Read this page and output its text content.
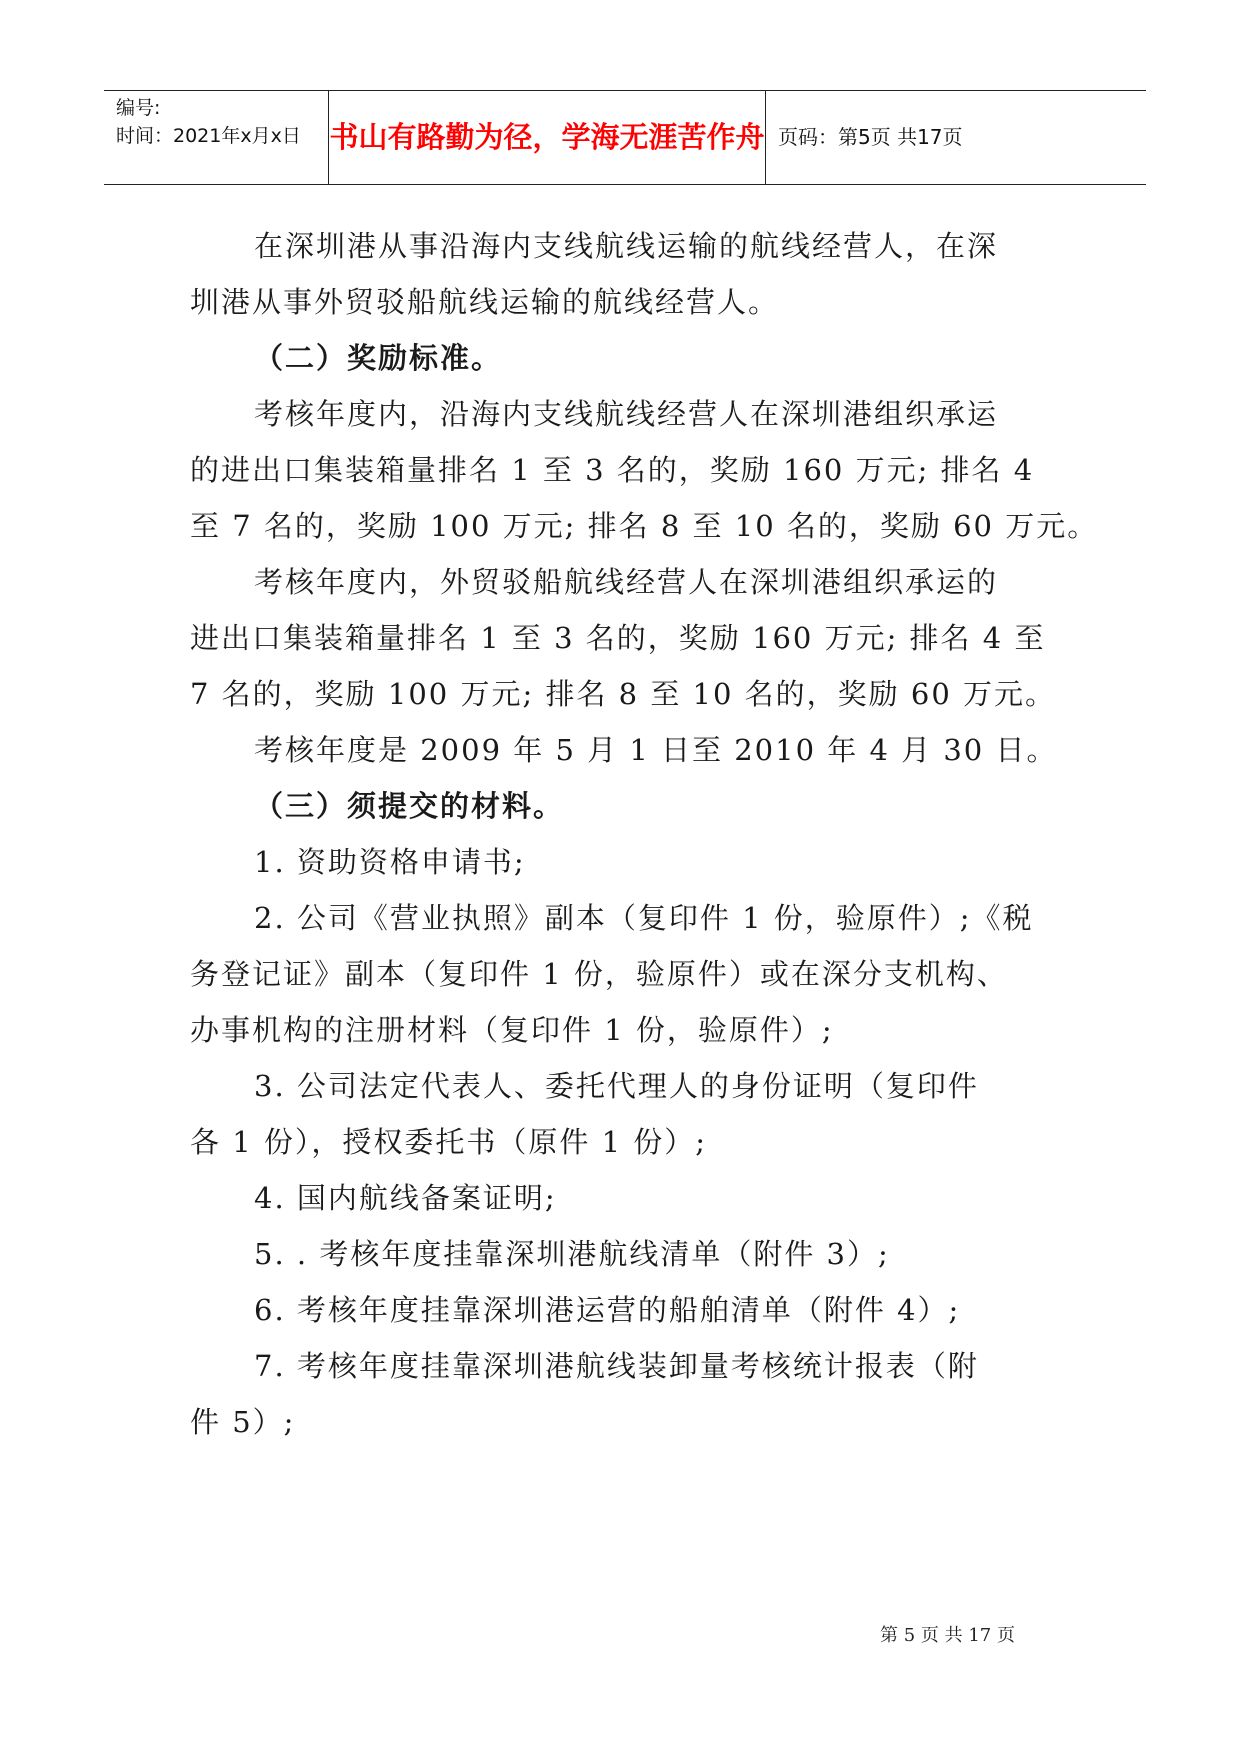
编号:
时间：2021年x月x日 书山有路勤为径，学海无涯苦作舟 页码：第5页 共17页
在深圳港从事沿海内支线航线运输的航线经营人，在深
圳港从事外贸驳船航线运输的航线经营人。
（二）奖励标准。
考核年度内，沿海内支线航线经营人在深圳港组织承运
的进出口集装箱量排名 1 至 3 名的，奖励 160 万元; 排名 4
至 7 名的，奖励 100 万元; 排名 8 至 10 名的，奖励 60 万元。
考核年度内，外贸驳船航线经营人在深圳港组织承运的
进出口集装箱量排名 1 至 3 名的，奖励 160 万元; 排名 4 至
7 名的，奖励 100 万元; 排名 8 至 10 名的，奖励 60 万元。
考核年度是 2009 年 5 月 1 日至 2010 年 4 月 30 日。
（三）须提交的材料。
1. 资助资格申请书;
2. 公司《营业执照》副本（复印件 1 份，验原件）;《税
务登记证》副本（复印件 1 份，验原件）或在深分支机构、
办事机构的注册材料（复印件 1 份，验原件）;
3. 公司法定代表人、委托代理人的身份证明（复印件
各 1 份），授权委托书（原件 1 份）;
4. 国内航线备案证明;
5. . 考核年度挂靠深圳港航线清单（附件 3）;
6. 考核年度挂靠深圳港运营的船舶清单（附件 4）;
7. 考核年度挂靠深圳港航线装卸量考核统计报表（附
件 5）;
第 5 页 共 17 页
